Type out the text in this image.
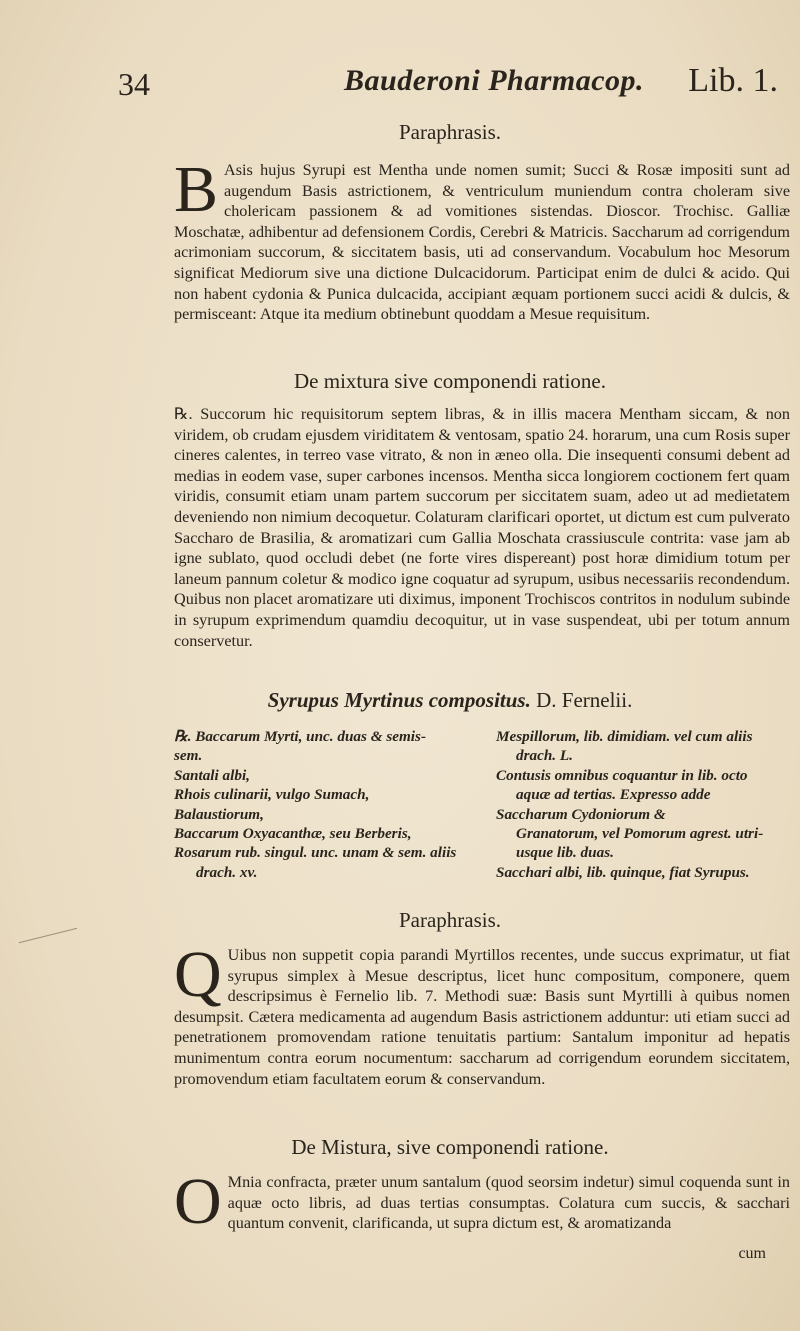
34	Bauderoni Pharmacop. Lib. 1.
Paraphrasis.

B Asis hujus Syrupi est Mentha unde nomen sumit; Succi & Rosæ impositi sunt ad augendum Basis astrictionem, & ventriculum muniendum contra choleram sive cholericam passionem & ad vomitiones sistendas. Dioscor. Trochisc. Galliæ Moschatæ, adhibentur ad defensionem Cordis, Cerebri & Matricis. Saccharum ad corrigendum acrimoniam succorum, & siccitatem basis, uti ad conservandum. Vocabulum hoc Mesorum significat Mediorum sive una dictione Dulcacidorum. Participat enim de dulci & acido. Qui non habent cydonia & Punica dulcacida, accipiant æquam portionem succi acidi & dulcis, & permisceant: Atque ita medium obtinebunt quoddam a Mesue requisitum.

De mixtura sive componendi ratione.

℞. Succorum hic requisitorum septem libras, & in illis macera Mentham siccam, & non viridem, ob crudam ejusdem viriditatem & ventosam, spatio 24. horarum, una cum Rosis super cineres calentes, in terreo vase vitrato, & non in æneo olla. Die insequenti consumi debent ad medias in eodem vase, super carbones incensos. Mentha sicca longiorem coctionem fert quam viridis, consumit etiam unam partem succorum per siccitatem suam, adeo ut ad medietatem deveniendo non nimium decoquetur. Colaturam clarificari oportet, ut dictum est cum pulverato Saccharo de Brasilia, & aromatizari cum Gallia Moschata crassiuscule contrita: vase jam ab igne sublato, quod occludi debet (ne forte vires dispereant) post horæ dimidium totum per laneum pannum coletur & modico igne coquatur ad syrupum, usibus necessariis recondendum. Quibus non placet aromatizare uti diximus, imponent Trochiscos contritos in nodulum subinde in syrupum exprimendum quamdiu decoquitur, ut in vase suspendeat, ubi per totum annum conservetur.

Syrupus Myrtinus compositus. D. Fernelii.

℞. Baccarum Myrti, unc. duas & semis-
sem.
Santali albi,
Rhois culinarii, vulgo Sumach,
Balaustiorum,
Baccarum Oxyacanthæ, seu Berberis,
Rosarum rub. singul. unc. unam & sem. aliis
drach. xv.

Mespillorum, lib. dimidiam. vel cum aliis
drach. L.
Contusis omnibus coquantur in lib. octo
aquæ ad tertias. Expresso adde
Saccharum Cydoniorum &
Granatorum, vel Pomorum agrest. utri-
usque lib. duas.
Sacchari albi, lib. quinque, fiat Syrupus.

Paraphrasis.

Q Uibus non suppetit copia parandi Myrtillos recentes, unde succus exprimatur, ut fiat syrupus simplex à Mesue descriptus, licet hunc compositum, componere, quem descripsimus è Fernelio lib. 7. Methodi suæ: Basis sunt Myrtilli à quibus nomen desumpsit. Cætera medicamenta ad augendum Basis astrictionem adduntur: uti etiam succi ad penetrationem promovendam ratione tenuitatis partium: Santalum imponitur ad hepatis munimentum contra eorum nocumentum: saccharum ad corrigendum eorundem siccitatem, promovendum etiam facultatem eorum & conservandum.

De Mistura, sive componendi ratione.

O Mnia confracta, præter unum santalum (quod seorsim indetur) simul coquenda sunt in aquæ octo libris, ad duas tertias consumptas. Colatura cum succis, & sacchari quantum convenit, clarificanda, ut supra dictum est, & aromatizanda

cum
